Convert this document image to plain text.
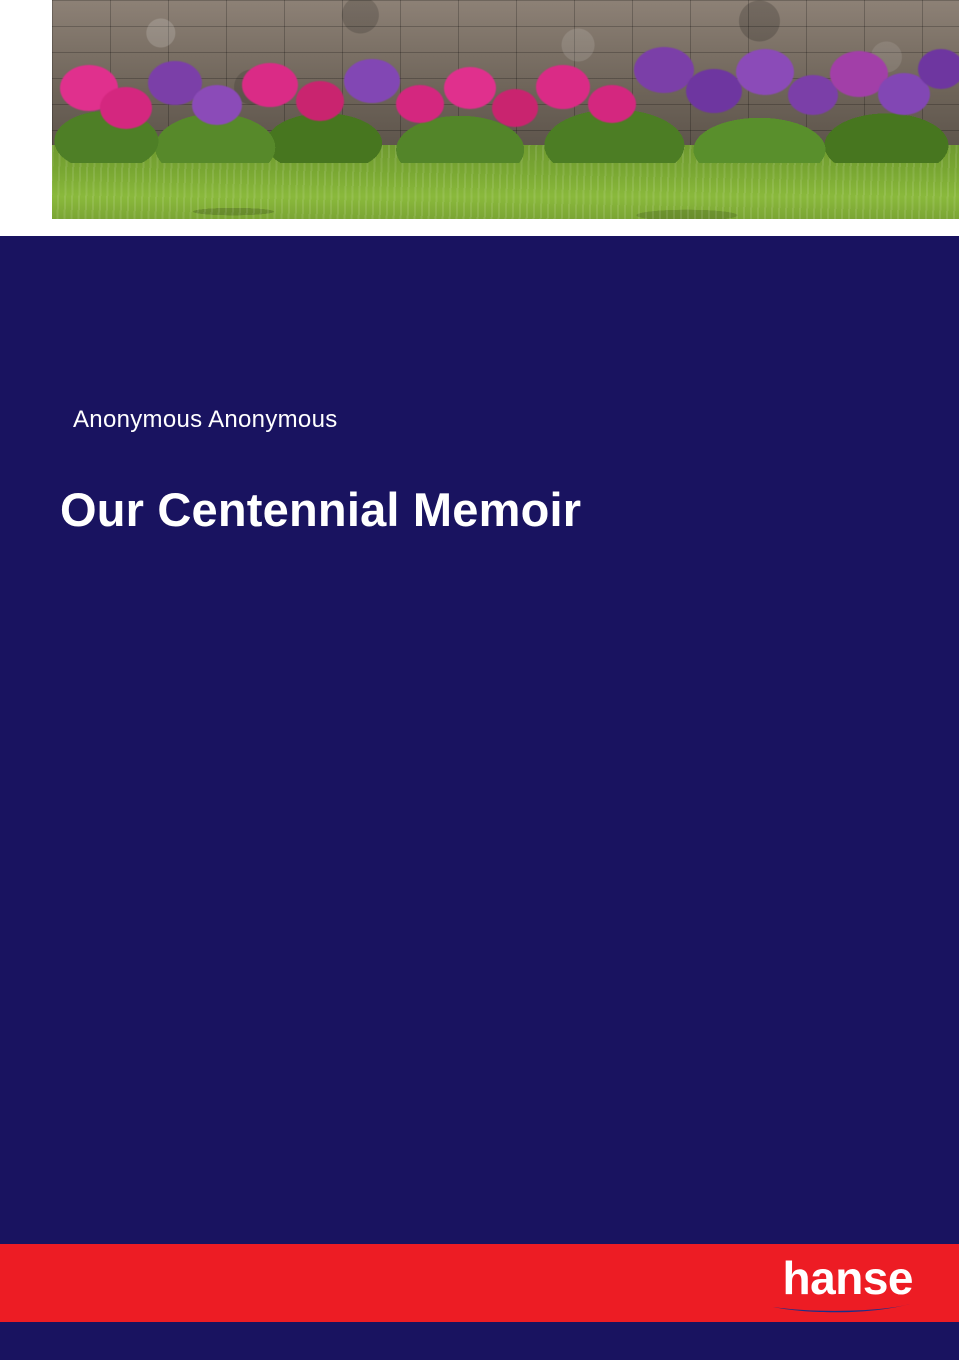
Anonymous Anonymous
Our Centennial Memoir
hanse
